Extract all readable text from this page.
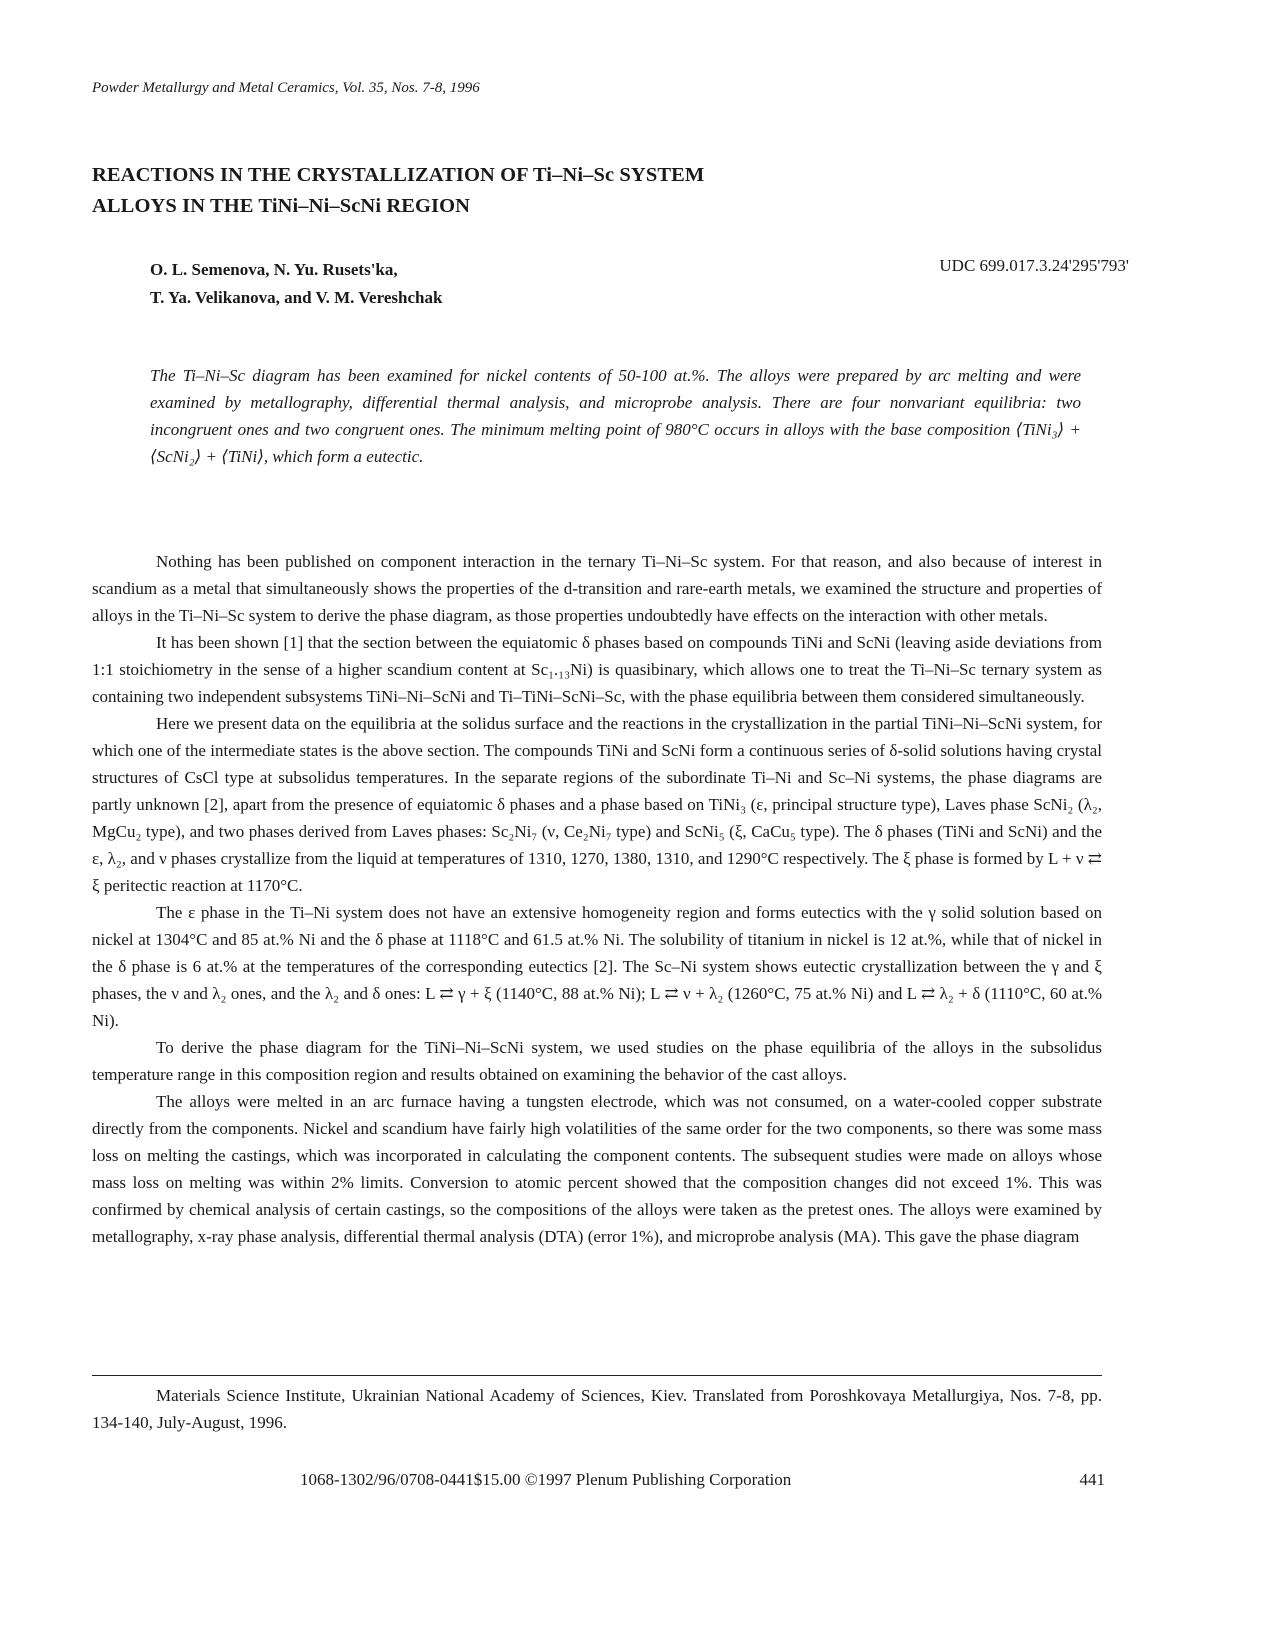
Powder Metallurgy and Metal Ceramics, Vol. 35, Nos. 7-8, 1996
REACTIONS IN THE CRYSTALLIZATION OF Ti–Ni–Sc SYSTEM
ALLOYS IN THE TiNi–Ni–ScNi REGION
O. L. Semenova, N. Yu. Rusets'ka,
T. Ya. Velikanova, and V. M. Vereshchak
UDC 699.017.3.24'295'793'
The Ti–Ni–Sc diagram has been examined for nickel contents of 50-100 at.%. The alloys were prepared by arc melting and were examined by metallography, differential thermal analysis, and microprobe analysis. There are four nonvariant equilibria: two incongruent ones and two congruent ones. The minimum melting point of 980°C occurs in alloys with the base composition ⟨TiNi₃⟩ + ⟨ScNi₂⟩ + ⟨TiNi⟩, which form a eutectic.

Nothing has been published on component interaction in the ternary Ti–Ni–Sc system. For that reason, and also because of interest in scandium as a metal that simultaneously shows the properties of the d-transition and rare-earth metals, we examined the structure and properties of alloys in the Ti–Ni–Sc system to derive the phase diagram, as those properties undoubtedly have effects on the interaction with other metals.

It has been shown [1] that the section between the equiatomic δ phases based on compounds TiNi and ScNi (leaving aside deviations from 1:1 stoichiometry in the sense of a higher scandium content at Sc₁.₁₃Ni) is quasibinary, which allows one to treat the Ti–Ni–Sc ternary system as containing two independent subsystems TiNi–Ni–ScNi and Ti–TiNi–ScNi–Sc, with the phase equilibria between them considered simultaneously.

Here we present data on the equilibria at the solidus surface and the reactions in the crystallization in the partial TiNi–Ni–ScNi system, for which one of the intermediate states is the above section. The compounds TiNi and ScNi form a continuous series of δ-solid solutions having crystal structures of CsCl type at subsolidus temperatures. In the separate regions of the subordinate Ti–Ni and Sc–Ni systems, the phase diagrams are partly unknown [2], apart from the presence of equiatomic δ phases and a phase based on TiNi₃ (ε, principal structure type), Laves phase ScNi₂ (λ₂, MgCu₂ type), and two phases derived from Laves phases: Sc₂Ni₇ (ν, Ce₂Ni₇ type) and ScNi₅ (ξ, CaCu₅ type). The δ phases (TiNi and ScNi) and the ε, λ₂, and ν phases crystallize from the liquid at temperatures of 1310, 1270, 1380, 1310, and 1290°C respectively. The ξ phase is formed by L + ν ⇄ ξ peritectic reaction at 1170°C.

The ε phase in the Ti–Ni system does not have an extensive homogeneity region and forms eutectics with the γ solid solution based on nickel at 1304°C and 85 at.% Ni and the δ phase at 1118°C and 61.5 at.% Ni. The solubility of titanium in nickel is 12 at.%, while that of nickel in the δ phase is 6 at.% at the temperatures of the corresponding eutectics [2]. The Sc–Ni system shows eutectic crystallization between the γ and ξ phases, the ν and λ₂ ones, and the λ₂ and δ ones: L ⇄ γ + ξ (1140°C, 88 at.% Ni); L ⇄ ν + λ₂ (1260°C, 75 at.% Ni) and L ⇄ λ₂ + δ (1110°C, 60 at.% Ni).

To derive the phase diagram for the TiNi–Ni–ScNi system, we used studies on the phase equilibria of the alloys in the subsolidus temperature range in this composition region and results obtained on examining the behavior of the cast alloys.

The alloys were melted in an arc furnace having a tungsten electrode, which was not consumed, on a water-cooled copper substrate directly from the components. Nickel and scandium have fairly high volatilities of the same order for the two components, so there was some mass loss on melting the castings, which was incorporated in calculating the component contents. The subsequent studies were made on alloys whose mass loss on melting was within 2% limits. Conversion to atomic percent showed that the composition changes did not exceed 1%. This was confirmed by chemical analysis of certain castings, so the compositions of the alloys were taken as the pretest ones. The alloys were examined by metallography, x-ray phase analysis, differential thermal analysis (DTA) (error 1%), and microprobe analysis (MA). This gave the phase diagram

Materials Science Institute, Ukrainian National Academy of Sciences, Kiev. Translated from Poroshkovaya Metallurgiya, Nos. 7-8, pp. 134-140, July-August, 1996.
1068-1302/96/0708-0441$15.00 ©1997 Plenum Publishing Corporation	441
